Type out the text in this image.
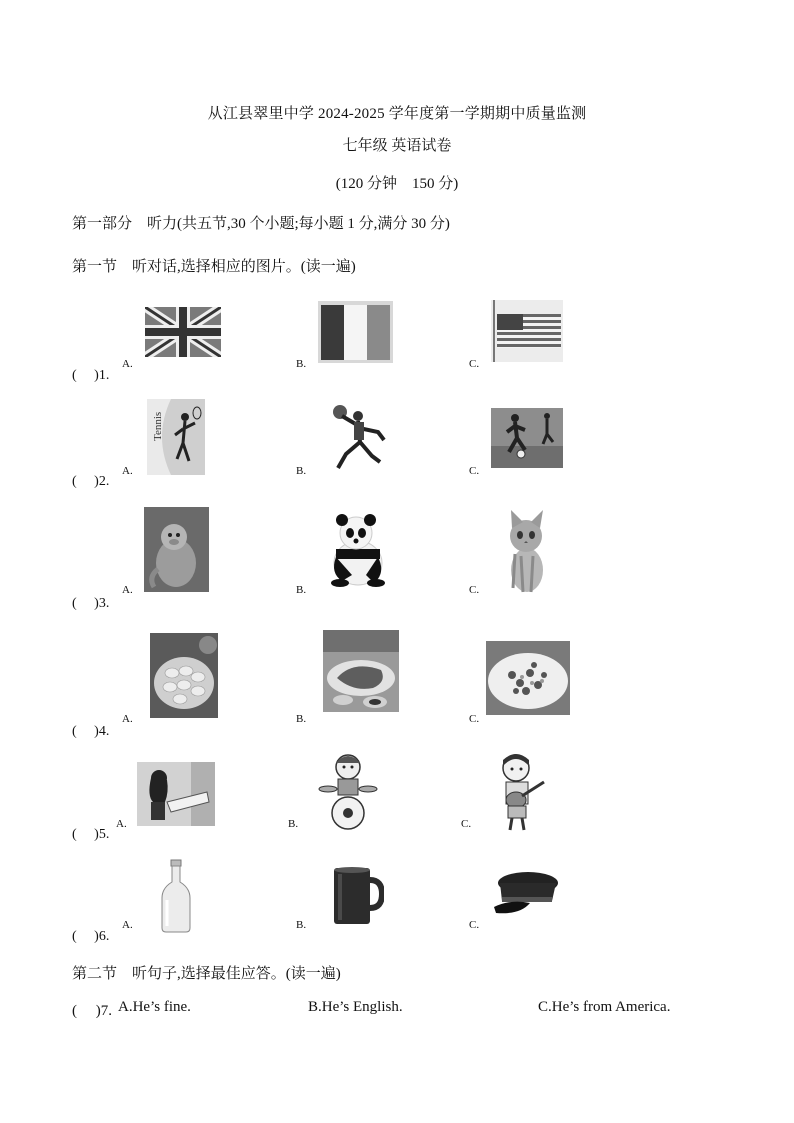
从江县翠里中学 2024-2025 学年度第一学期期中质量监测
七年级 英语试卷
(120 分钟　150 分)
第一部分　听力(共五节,30 个小题;每小题 1 分,满分 30 分)
第一节　听对话,选择相应的图片。(读一遍)
(　 )1.
A.	B.	C.
(　 )2.
A.	B.	C.
Tennis
(　 )3.
A.	B.	C.
(　 )4.
A.	B.	C.
(　 )5.
A.	B.	C.
(　 )6.
A.	B.	C.
第二节　听句子,选择最佳应答。(读一遍)
(　 )7. A.He’s fine.	B.He’s English.	C.He’s from America.
